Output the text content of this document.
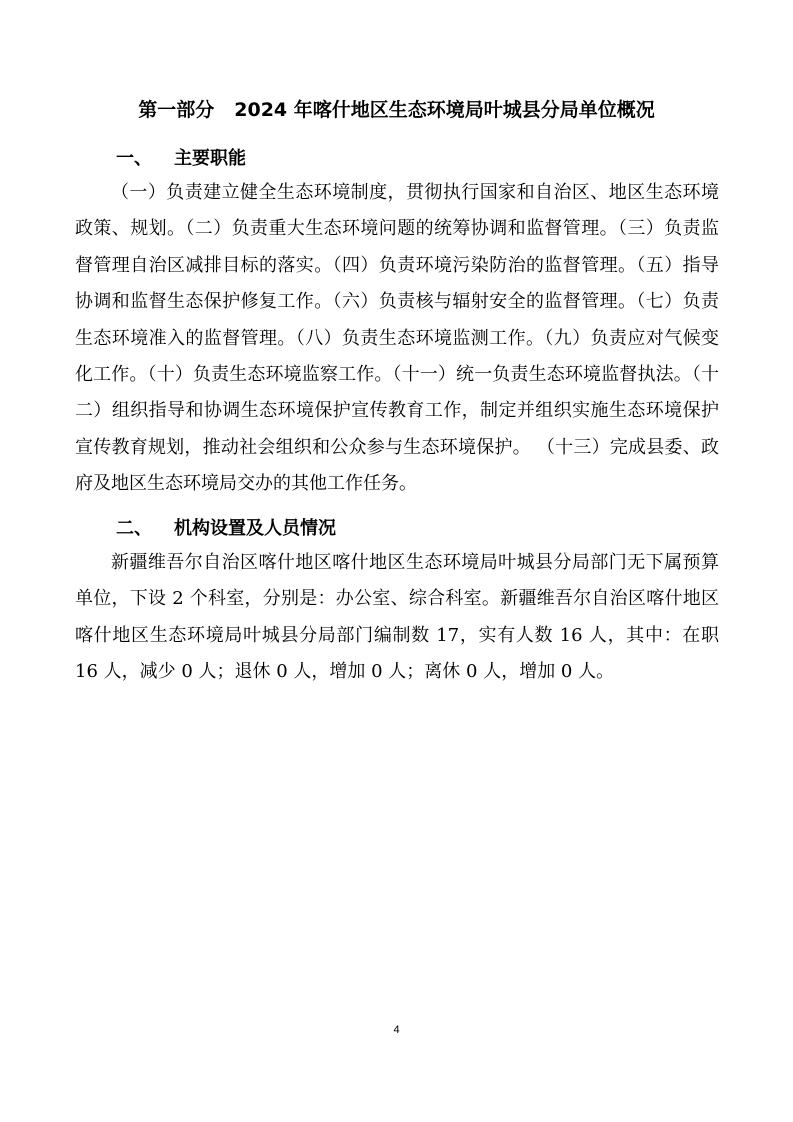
第一部分 2024 年喀什地区生态环境局叶城县分局单位概况
一、 主要职能

（一）负责建立健全生态环境制度，贯彻执行国家和自治区、地区生态环境政策、规划。（二）负责重大生态环境问题的统筹协调和监督管理。（三）负责监督管理自治区减排目标的落实。（四）负责环境污染防治的监督管理。（五）指导协调和监督生态保护修复工作。（六）负责核与辐射安全的监督管理。（七）负责生态环境准入的监督管理。（八）负责生态环境监测工作。（九）负责应对气候变化工作。（十）负责生态环境监察工作。（十一）统一负责生态环境监督执法。（十二）组织指导和协调生态环境保护宣传教育工作，制定并组织实施生态环境保护宣传教育规划，推动社会组织和公众参与生态环境保护。 （十三）完成县委、政府及地区生态环境局交办的其他工作任务。

二、 机构设置及人员情况

新疆维吾尔自治区喀什地区喀什地区生态环境局叶城县分局部门无下属预算单位，下设 2 个科室，分别是：办公室、综合科室。新疆维吾尔自治区喀什地区喀什地区生态环境局叶城县分局部门编制数 17，实有人数 16 人，其中：在职 16 人，减少 0 人；退休 0 人，增加 0 人；离休 0 人，增加 0 人。

4
